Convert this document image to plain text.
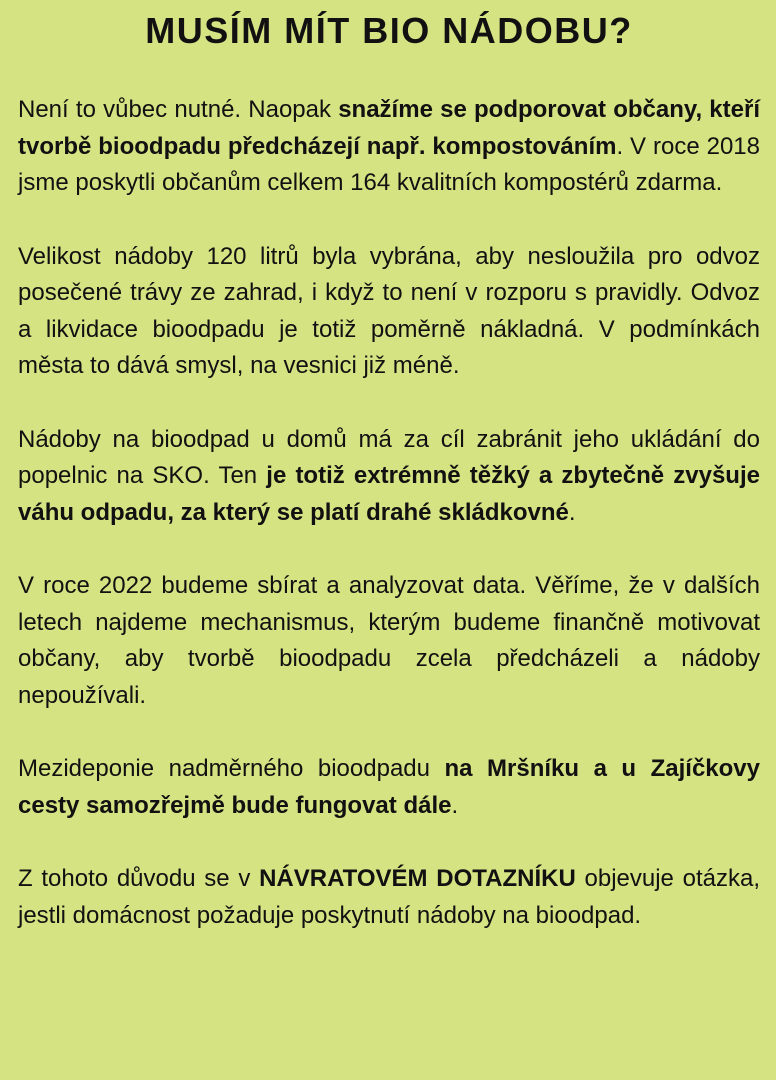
MUSÍM MÍT BIO NÁDOBU?

Není to vůbec nutné. Naopak snažíme se podporovat občany, kteří tvorbě bioodpadu předcházejí např. kompostováním. V roce 2018 jsme poskytli občanům celkem 164 kvalitních kompostérů zdarma.

Velikost nádoby 120 litrů byla vybrána, aby nesloužila pro odvoz posečené trávy ze zahrad, i když to není v rozporu s pravidly. Odvoz a likvidace bioodpadu je totiž poměrně nákladná. V podmínkách města to dává smysl, na vesnici již méně.

Nádoby na bioodpad u domů má za cíl zabránit jeho ukládání do popelnic na SKO. Ten je totiž extrémně těžký a zbytečně zvyšuje váhu odpadu, za který se platí drahé skládkovné.

V roce 2022 budeme sbírat a analyzovat data. Věříme, že v dalších letech najdeme mechanismus, kterým budeme finančně motivovat občany, aby tvorbě bioodpadu zcela předcházeli a nádoby nepoužívali.

Mezideponie nadměrného bioodpadu na Mršníku a u Zajíčkovy cesty samozřejmě bude fungovat dále.

Z tohoto důvodu se v NÁVRATOVÉM DOTAZNÍKU objevuje otázka, jestli domácnost požaduje poskytnutí nádoby na bioodpad.
